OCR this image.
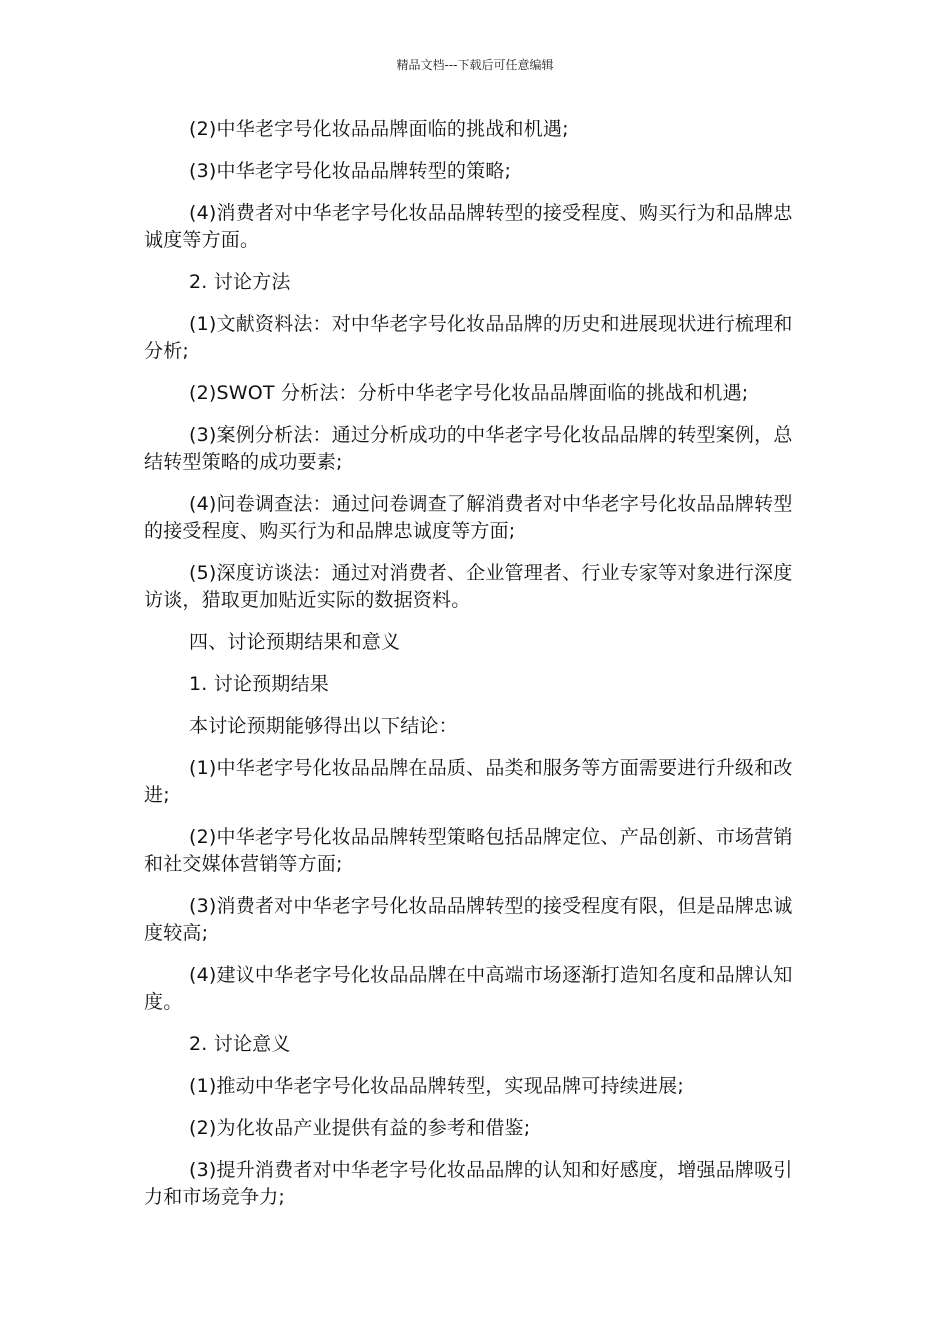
精品文档---下载后可任意编辑

(2)中华老字号化妆品品牌面临的挑战和机遇;

(3)中华老字号化妆品品牌转型的策略;

(4)消费者对中华老字号化妆品品牌转型的接受程度、购买行为和品牌忠诚度等方面。

2. 讨论方法

(1)文献资料法：对中华老字号化妆品品牌的历史和进展现状进行梳理和分析;

(2)SWOT 分析法：分析中华老字号化妆品品牌面临的挑战和机遇;

(3)案例分析法：通过分析成功的中华老字号化妆品品牌的转型案例，总结转型策略的成功要素;

(4)问卷调查法：通过问卷调查了解消费者对中华老字号化妆品品牌转型的接受程度、购买行为和品牌忠诚度等方面;

(5)深度访谈法：通过对消费者、企业管理者、行业专家等对象进行深度访谈，猎取更加贴近实际的数据资料。

四、讨论预期结果和意义

1. 讨论预期结果

本讨论预期能够得出以下结论：

(1)中华老字号化妆品品牌在品质、品类和服务等方面需要进行升级和改进;

(2)中华老字号化妆品品牌转型策略包括品牌定位、产品创新、市场营销和社交媒体营销等方面;

(3)消费者对中华老字号化妆品品牌转型的接受程度有限，但是品牌忠诚度较高;

(4)建议中华老字号化妆品品牌在中高端市场逐渐打造知名度和品牌认知度。

2. 讨论意义

(1)推动中华老字号化妆品品牌转型，实现品牌可持续进展;

(2)为化妆品产业提供有益的参考和借鉴;

(3)提升消费者对中华老字号化妆品品牌的认知和好感度，增强品牌吸引力和市场竞争力;
